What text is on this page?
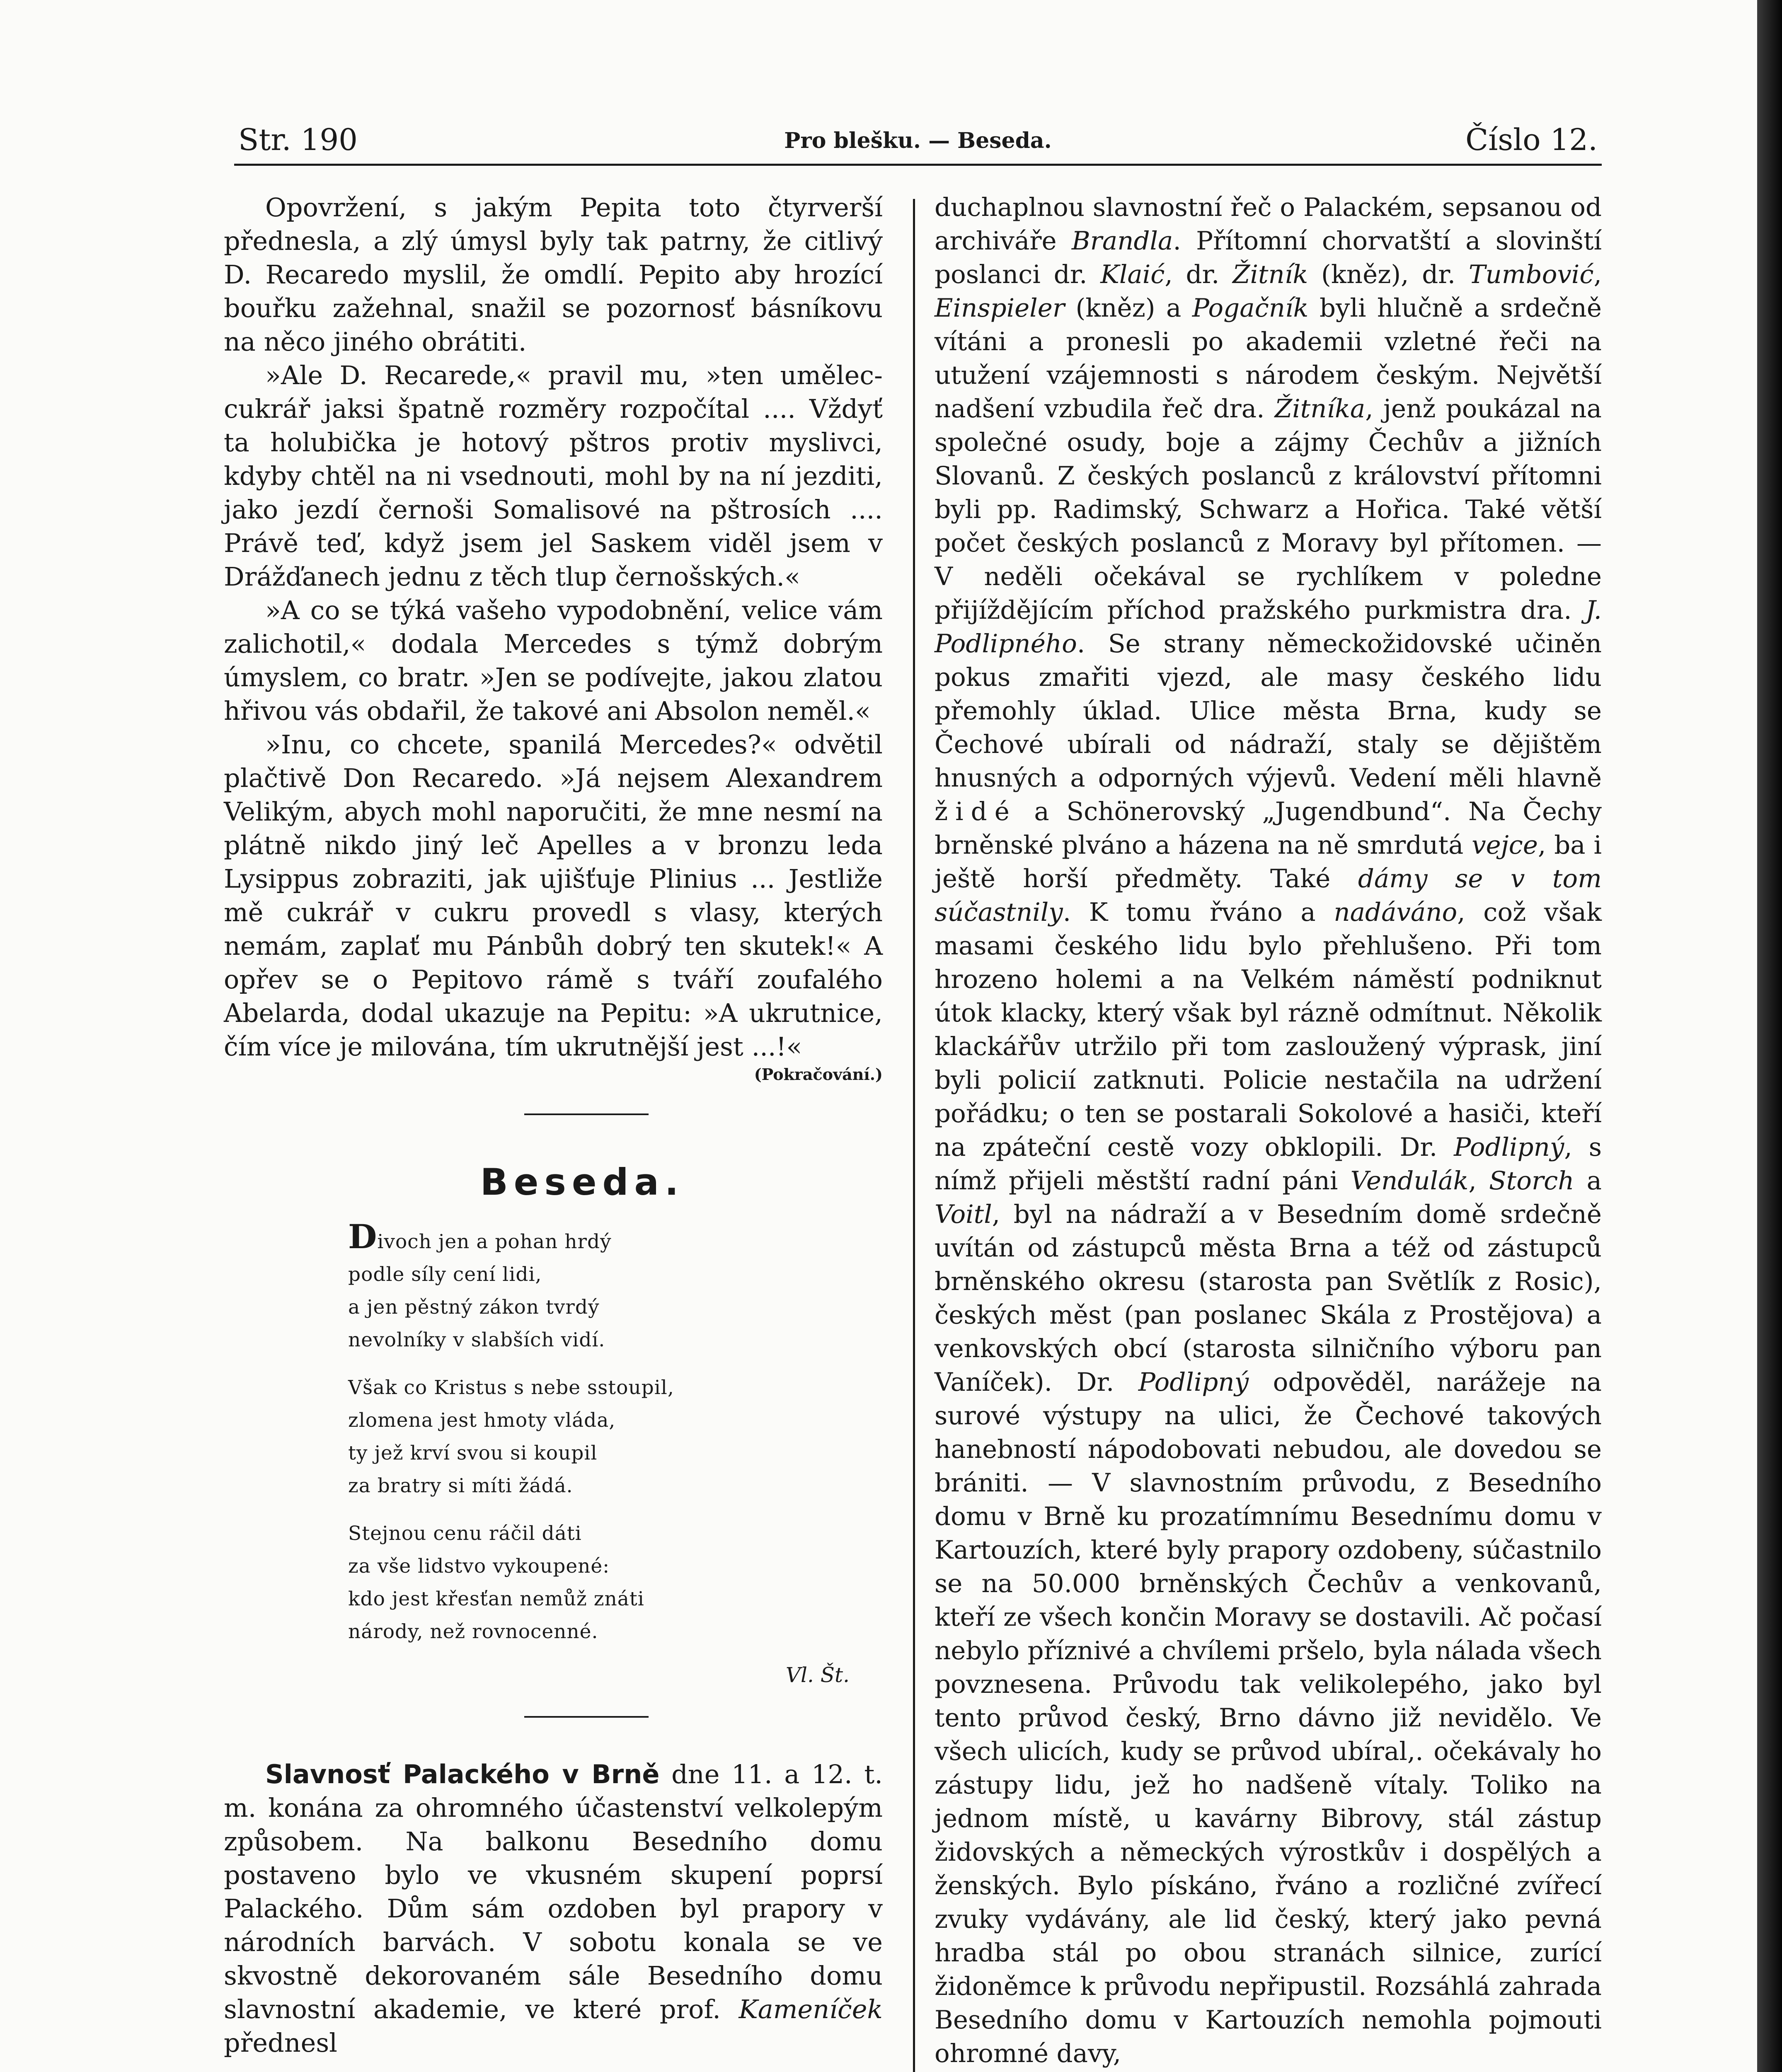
Str. 190	Pro blešku. — Beseda.	Číslo 12.

Opovržení, s jakým Pepita toto čtyrverší přednesla, a zlý úmysl byly tak patrny, že citlivý D. Recaredo myslil, že omdlí. Pepito aby hrozící bouřku zažehnal, snažil se pozornosť básníkovu na něco jiného obrátiti.

»Ale D. Recarede,« pravil mu, »ten umělec-cukrář jaksi špatně rozměry rozpočítal .... Vždyť ta holubička je hotový pštros protiv myslivci, kdyby chtěl na ni vsednouti, mohl by na ní jezditi, jako jezdí černoši Somalisové na pštrosích .... Právě teď, když jsem jel Saskem viděl jsem v Drážďanech jednu z těch tlup černošských.«

»A co se týká vašeho vypodobnění, velice vám zalichotil,« dodala Mercedes s týmž dobrým úmyslem, co bratr. »Jen se podívejte, jakou zlatou hřivou vás obdařil, že takové ani Absolon neměl.«

»Inu, co chcete, spanilá Mercedes?« odvětil plačtivě Don Recaredo. »Já nejsem Alexandrem Velikým, abych mohl naporučiti, že mne nesmí na plátně nikdo jiný leč Apelles a v bronzu leda Lysippus zobraziti, jak ujišťuje Plinius ... Jestliže mě cukrář v cukru provedl s vlasy, kterých nemám, zaplať mu Pánbůh dobrý ten skutek!« A opřev se o Pepitovo rámě s tváří zoufalého Abelarda, dodal ukazuje na Pepitu: »A ukrutnice, čím více je milována, tím ukrutnější jest ...!«

(Pokračování.)
Beseda.
Divoch jen a pohan hrdý
podle síly cení lidi,
a jen pěstný zákon tvrdý
nevolníky v slabších vidí.
Však co Kristus s nebe sstoupil,
zlomena jest hmoty vláda,
ty jež krví svou si koupil
za bratry si míti žádá.
Stejnou cenu ráčil dáti
za vše lidstvo vykoupené:
kdo jest křesťan nemůž znáti
národy, než rovnocenné.
Vl. Št.

Slavnosť Palackého v Brně dne 11. a 12. t. m. konána za ohromného účastenství velkolepým způsobem. Na balkonu Besedního domu postaveno bylo ve vkusném skupení poprsí Palackého. Dům sám ozdoben byl prapory v národních barvách. V sobotu konala se ve skvostně dekorovaném sále Besedního domu slavnostní akademie, ve které prof. Kameníček přednesl

duchaplnou slavnostní řeč o Palackém, sepsanou od archiváře Brandla. Přítomní chorvatští a slovinští poslanci dr. Klaić, dr. Žitník (kněz), dr. Tumbović, Einspieler (kněz) a Pogačník byli hlučně a srdečně vítáni a pronesli po akademii vzletné řeči na utužení vzájemnosti s národem českým. Největší nadšení vzbudila řeč dra. Žitníka, jenž poukázal na společné osudy, boje a zájmy Čechův a jižních Slovanů. Z českých poslanců z království přítomni byli pp. Radimský, Schwarz a Hořica. Také větší počet českých poslanců z Moravy byl přítomen. — V neděli očekával se rychlíkem v poledne přijíždějícím příchod pražského purkmistra dra. J. Podlipného. Se strany německožidovské učiněn pokus zmařiti vjezd, ale masy českého lidu přemohly úklad. Ulice města Brna, kudy se Čechové ubírali od nádraží, staly se dějištěm hnusných a odporných výjevů. Vedení měli hlavně židé a Schönerovský „Jugendbund“. Na Čechy brněnské plváno a házena na ně smrdutá vejce, ba i ještě horší předměty. Také dámy se v tom súčastnily. K tomu řváno a nadáváno, což však masami českého lidu bylo přehlušeno. Při tom hrozeno holemi a na Velkém náměstí podniknut útok klacky, který však byl rázně odmítnut. Několik klackářův utržilo při tom zasloužený výprask, jiní byli policií zatknuti. Policie nestačila na udržení pořádku; o ten se postarali Sokolové a hasiči, kteří na zpáteční cestě vozy obklopili. Dr. Podlipný, s nímž přijeli městští radní páni Vendulák, Storch a Voitl, byl na nádraží a v Besedním domě srdečně uvítán od zástupců města Brna a též od zástupců brněnského okresu (starosta pan Světlík z Rosic), českých měst (pan poslanec Skála z Prostějova) a venkovských obcí (starosta silničního výboru pan Vaníček). Dr. Podlipný odpověděl, narážeje na surové výstupy na ulici, že Čechové takových hanebností nápodobovati nebudou, ale dovedou se brániti. — V slavnostním průvodu, z Besedního domu v Brně ku prozatímnímu Besednímu domu v Kartouzích, které byly prapory ozdobeny, súčastnilo se na 50.000 brněnských Čechův a venkovanů, kteří ze všech končin Moravy se dostavili. Ač počasí nebylo příznivé a chvílemi pršelo, byla nálada všech povznesena. Průvodu tak velikolepého, jako byl tento průvod český, Brno dávno již nevidělo. Ve všech ulicích, kudy se průvod ubíral,. očekávaly ho zástupy lidu, jež ho nadšeně vítaly. Toliko na jednom místě, u kavárny Bibrovy, stál zástup židovských a německých výrostkův i dospělých a ženských. Bylo pískáno, řváno a rozličné zvířecí zvuky vydávány, ale lid český, který jako pevná hradba stál po obou stranách silnice, zurící židoněmce k průvodu nepřipustil. Rozsáhlá zahrada Besedního domu v Kartouzích nemohla pojmouti ohromné davy,
